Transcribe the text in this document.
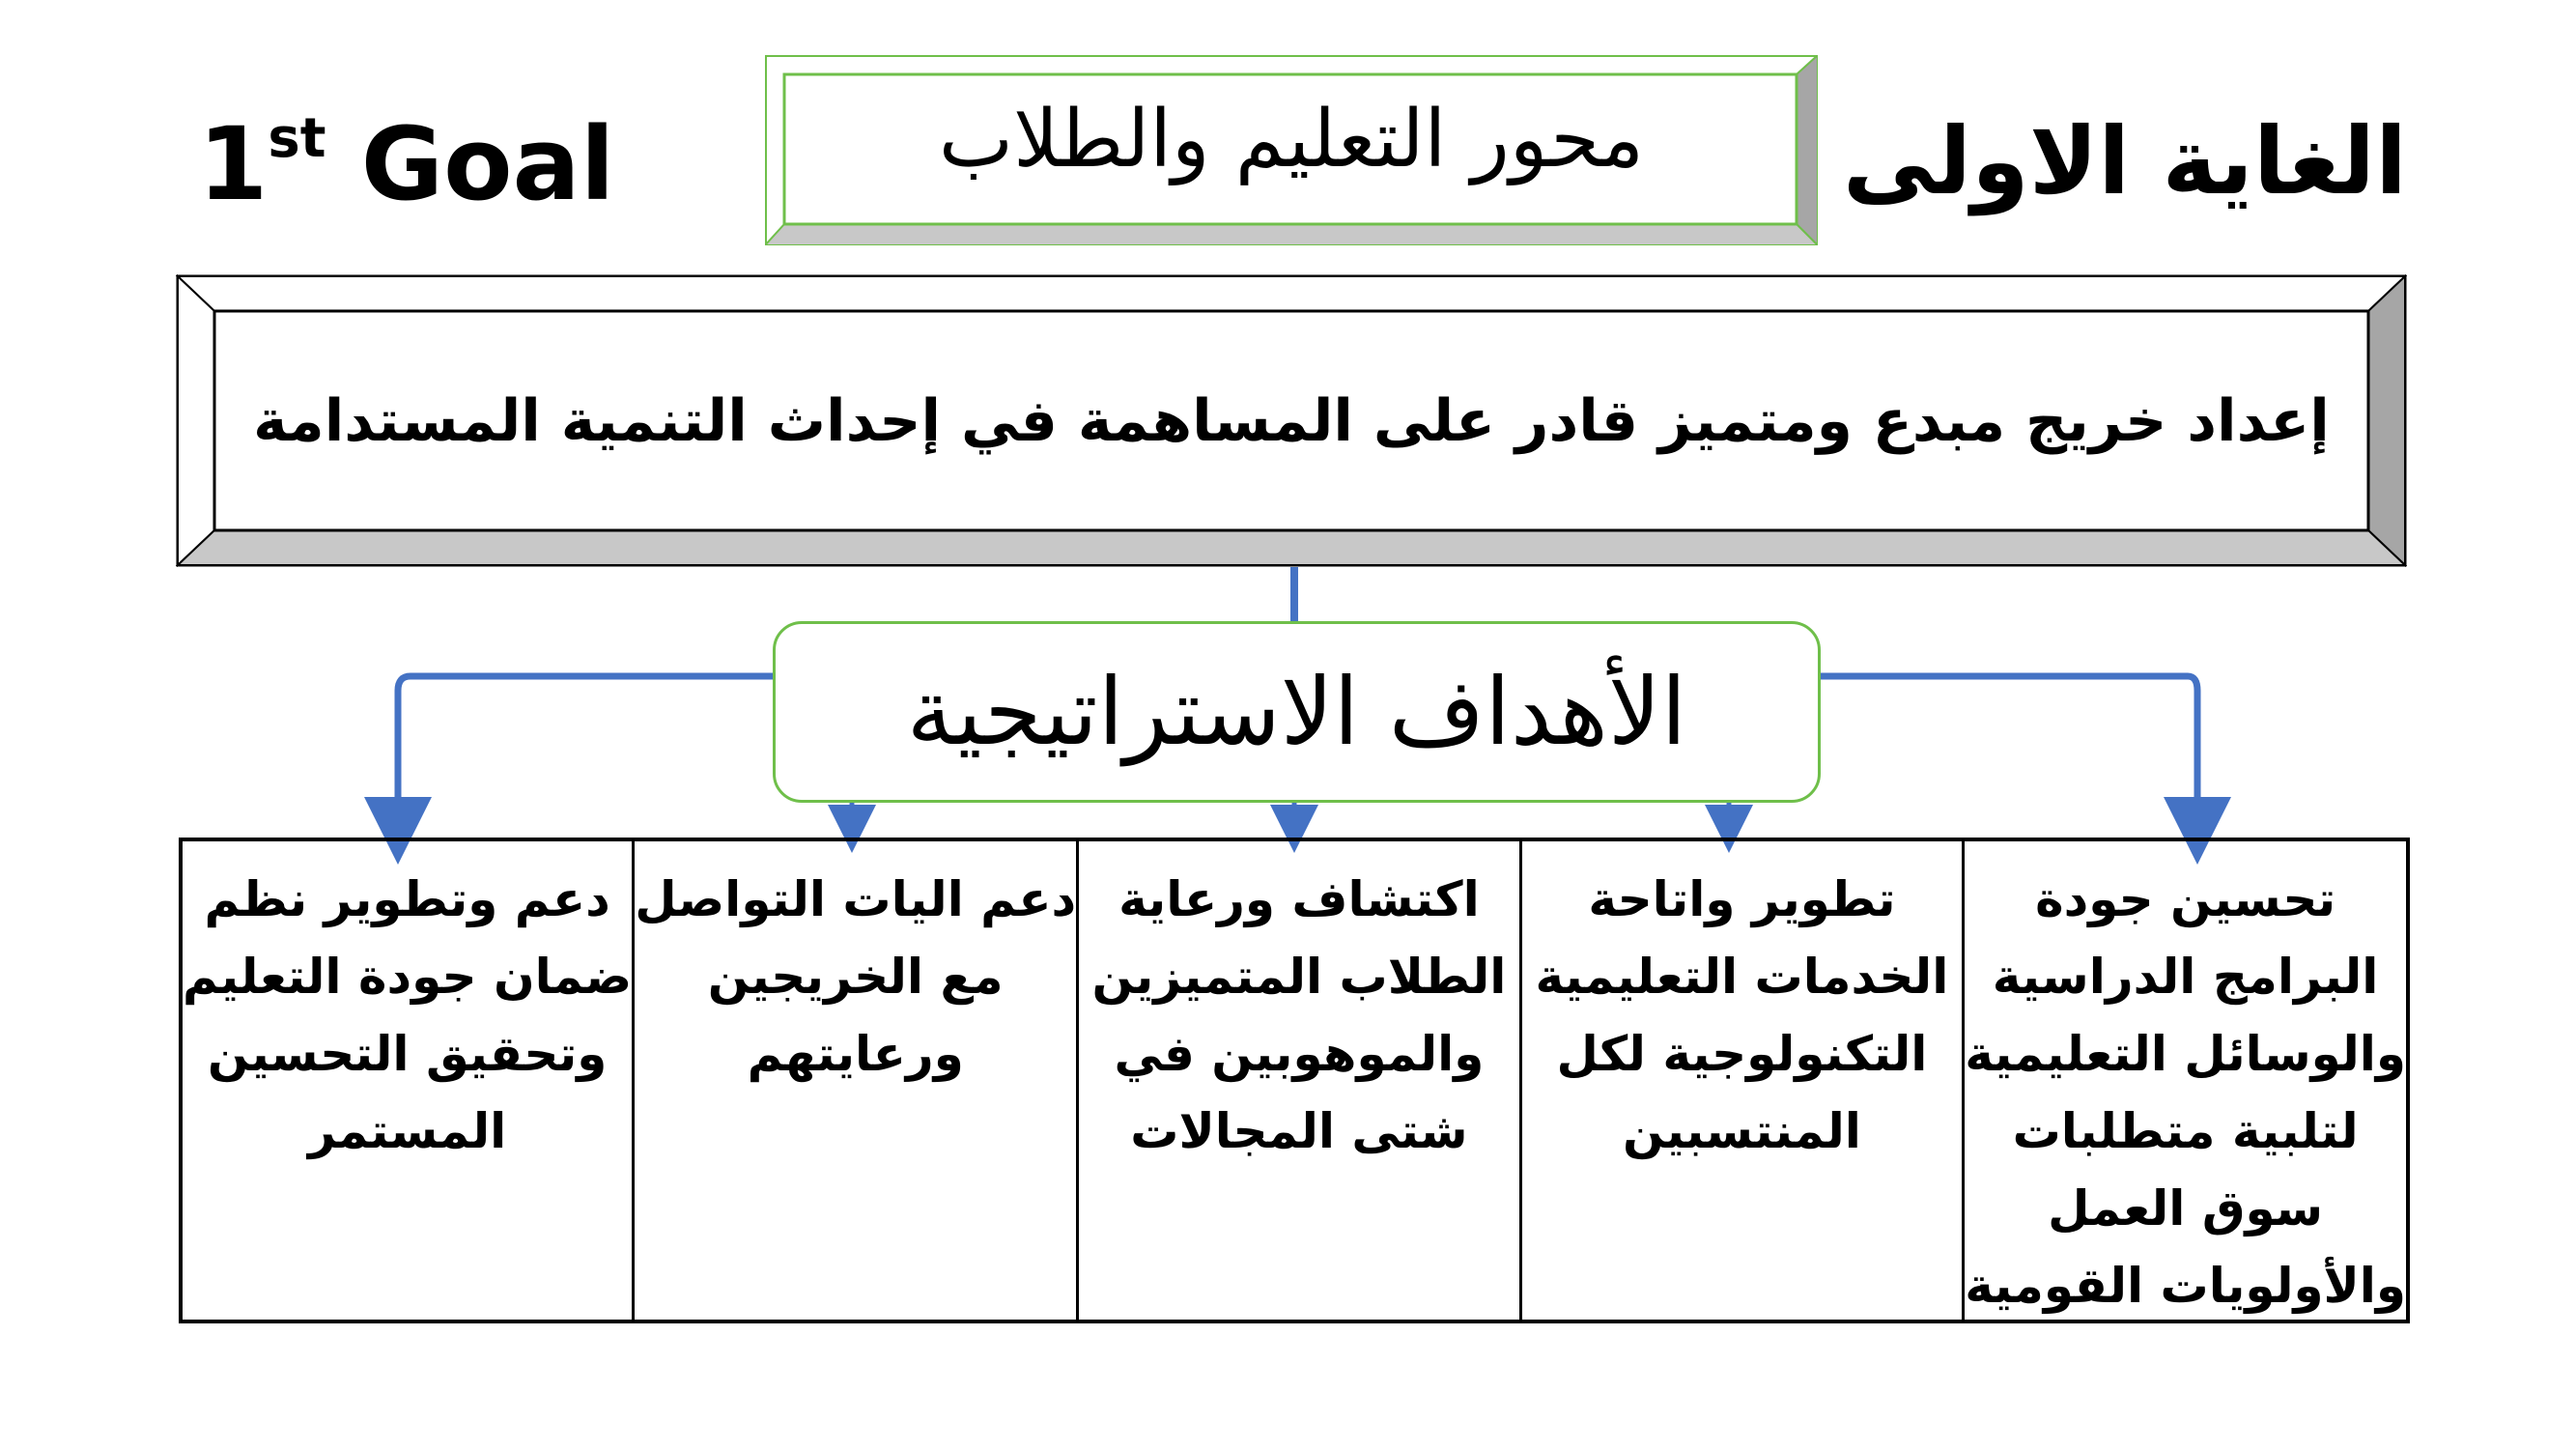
1st Goal	الغاية الاولى
محور التعليم والطلاب
إعداد خريج مبدع ومتميز قادر على المساهمة في إحداث التنمية المستدامة
الأهداف الاستراتيجية
تحسين جودة
البرامج الدراسية
والوسائل التعليمية
لتلبية متطلبات
سوق العمل
والأولويات القومية
تطوير واتاحة
الخدمات التعليمية
التكنولوجية لكل
المنتسبين
اكتشاف ورعاية
الطلاب المتميزين
والموهوبين في
شتى المجالات
دعم اليات التواصل
مع الخريجين
ورعايتهم
دعم وتطوير نظم
ضمان جودة التعليم
وتحقيق التحسين
المستمر
